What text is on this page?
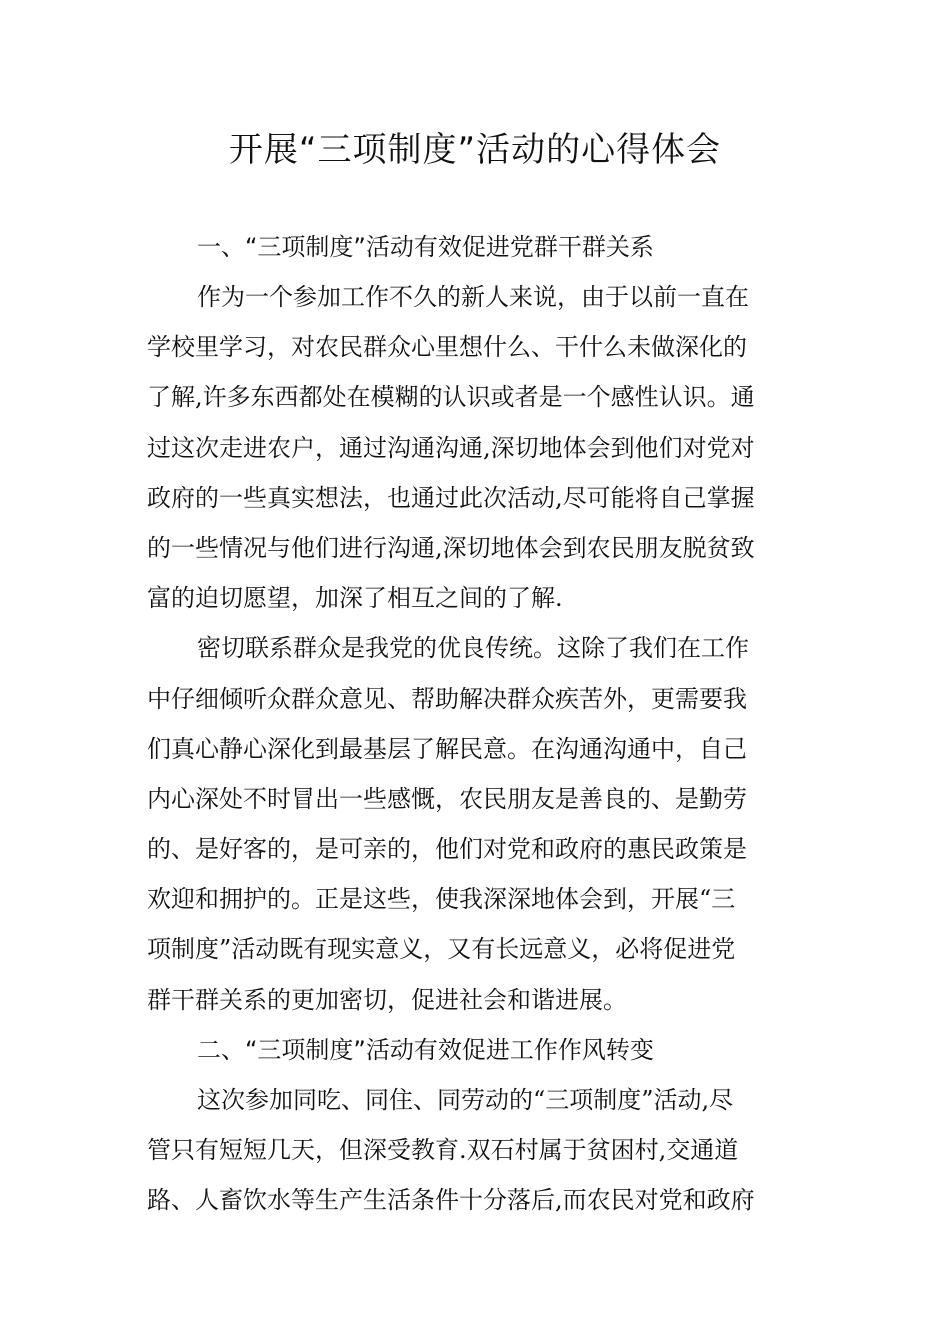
开展“三项制度”活动的心得体会
一、“三项制度”活动有效促进党群干群关系
作为一个参加工作不久的新人来说，由于以前一直在
学校里学习，对农民群众心里想什么、干什么未做深化的
了解,许多东西都处在模糊的认识或者是一个感性认识。通
过这次走进农户，通过沟通沟通,深切地体会到他们对党对
政府的一些真实想法，也通过此次活动,尽可能将自己掌握
的一些情况与他们进行沟通,深切地体会到农民朋友脱贫致
富的迫切愿望，加深了相互之间的了解.
密切联系群众是我党的优良传统。这除了我们在工作
中仔细倾听众群众意见、帮助解决群众疾苦外，更需要我
们真心静心深化到最基层了解民意。在沟通沟通中，自己
内心深处不时冒出一些感慨，农民朋友是善良的、是勤劳
的、是好客的，是可亲的，他们对党和政府的惠民政策是
欢迎和拥护的。正是这些，使我深深地体会到，开展“三
项制度”活动既有现实意义，又有长远意义，必将促进党
群干群关系的更加密切，促进社会和谐进展。
二、“三项制度”活动有效促进工作作风转变
这次参加同吃、同住、同劳动的“三项制度”活动,尽
管只有短短几天，但深受教育.双石村属于贫困村,交通道
路、人畜饮水等生产生活条件十分落后,而农民对党和政府
